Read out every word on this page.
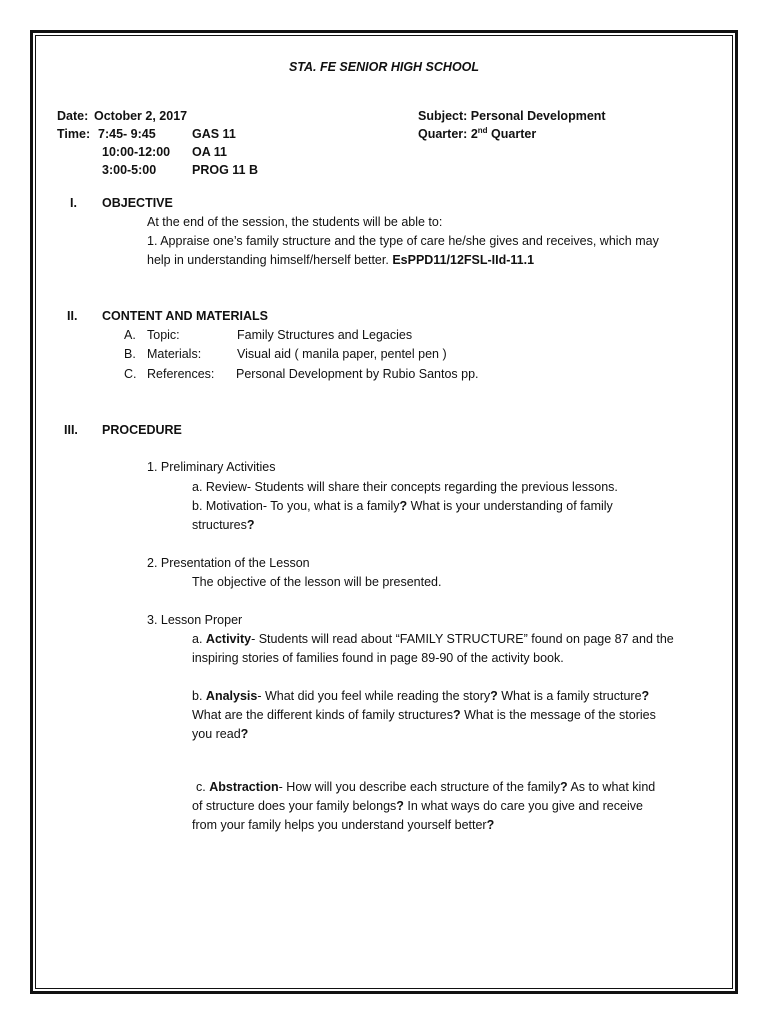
STA. FE SENIOR HIGH SCHOOL
Date: October 2, 2017
Time: 7:45- 9:45	GAS 11
10:00-12:00 OA 11
3:00-5:00	PROG 11 B
Subject: Personal Development
Quarter: 2nd Quarter
I. OBJECTIVE
At the end of the session, the students will be able to:
1. Appraise one’s family structure and the type of care he/she gives and receives, which may
help in understanding himself/herself better. EsPPD11/12FSL-IId-11.1
II. CONTENT AND MATERIALS
A. Topic:	Family Structures and Legacies
B. Materials:	Visual aid ( manila paper, pentel pen )
C. References: Personal Development by Rubio Santos pp.
III. PROCEDURE
1. Preliminary Activities
a. Review- Students will share their concepts regarding the previous lessons.
b. Motivation- To you, what is a family? What is your understanding of family
structures?
2. Presentation of the Lesson
The objective of the lesson will be presented.
3. Lesson Proper
a. Activity- Students will read about “FAMILY STRUCTURE” found on page 87 and the
inspiring stories of families found in page 89-90 of the activity book.
b. Analysis- What did you feel while reading the story? What is a family structure?
What are the different kinds of family structures? What is the message of the stories
you read?
c. Abstraction- How will you describe each structure of the family? As to what kind
of structure does your family belongs? In what ways do care you give and receive
from your family helps you understand yourself better?
